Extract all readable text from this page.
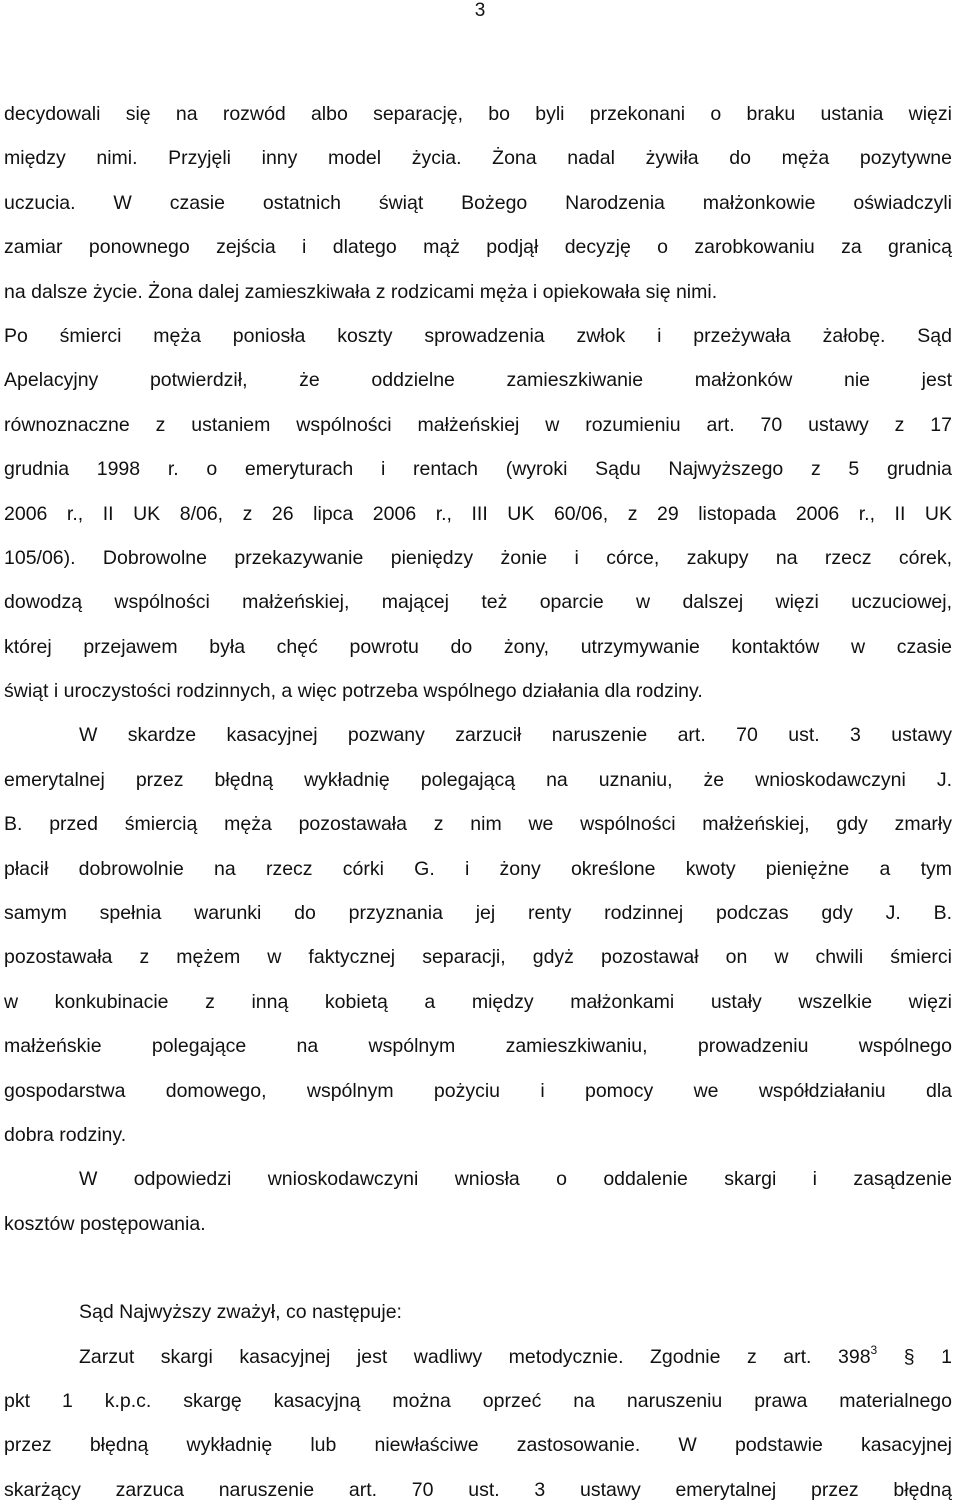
3
decydowali się na rozwód albo separację, bo byli przekonani o braku ustania więzi
między nimi. Przyjęli inny model życia. Żona nadal żywiła do męża pozytywne
uczucia. W czasie ostatnich świąt Bożego Narodzenia małżonkowie oświadczyli
zamiar ponownego zejścia i dlatego mąż podjął decyzję o zarobkowaniu za granicą
na dalsze życie. Żona dalej zamieszkiwała z rodzicami męża i opiekowała się nimi.
Po śmierci męża poniosła koszty sprowadzenia zwłok i przeżywała żałobę. Sąd
Apelacyjny potwierdził, że oddzielne zamieszkiwanie małżonków nie jest
równoznaczne z ustaniem wspólności małżeńskiej w rozumieniu art. 70 ustawy z 17
grudnia 1998 r. o emeryturach i rentach (wyroki Sądu Najwyższego z 5 grudnia
2006 r., II UK 8/06, z 26 lipca 2006 r., III UK 60/06, z 29 listopada 2006 r., II UK
105/06). Dobrowolne przekazywanie pieniędzy żonie i córce, zakupy na rzecz córek,
dowodzą wspólności małżeńskiej, mającej też oparcie w dalszej więzi uczuciowej,
której przejawem była chęć powrotu do żony, utrzymywanie kontaktów w czasie
świąt i uroczystości rodzinnych, a więc potrzeba wspólnego działania dla rodziny.
W skardze kasacyjnej pozwany zarzucił naruszenie art. 70 ust. 3 ustawy
emerytalnej przez błędną wykładnię polegającą na uznaniu, że wnioskodawczyni J.
B. przed śmiercią męża pozostawała z nim we wspólności małżeńskiej, gdy zmarły
płacił dobrowolnie na rzecz córki G. i żony określone kwoty pieniężne a tym
samym spełnia warunki do przyznania jej renty rodzinnej podczas gdy J. B.
pozostawała z mężem w faktycznej separacji, gdyż pozostawał on w chwili śmierci
w konkubinacie z inną kobietą a między małżonkami ustały wszelkie więzi
małżeńskie polegające na wspólnym zamieszkiwaniu, prowadzeniu wspólnego
gospodarstwa domowego, wspólnym pożyciu i pomocy we współdziałaniu dla
dobra rodziny.
W odpowiedzi wnioskodawczyni wniosła o oddalenie skargi i zasądzenie
kosztów postępowania.
Sąd Najwyższy zważył, co następuje:
Zarzut skargi kasacyjnej jest wadliwy metodycznie. Zgodnie z art. $398^3$ § 1
pkt 1 k.p.c. skargę kasacyjną można oprzeć na naruszeniu prawa materialnego
przez błędną wykładnię lub niewłaściwe zastosowanie. W podstawie kasacyjnej
skarżący zarzuca naruszenie art. 70 ust. 3 ustawy emerytalnej przez błędną
